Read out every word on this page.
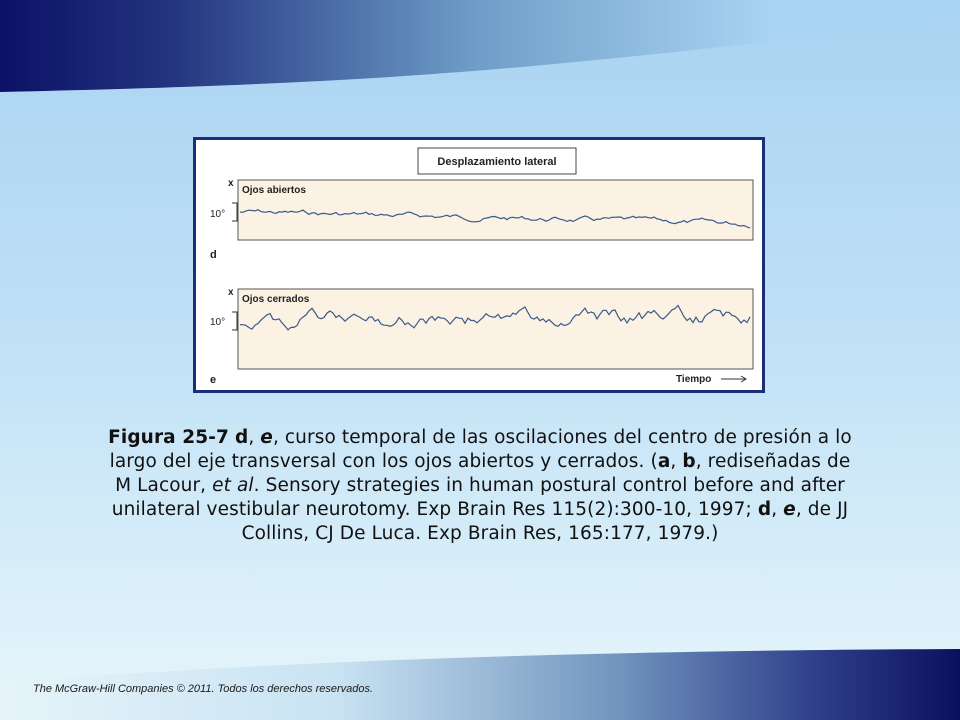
Desplazamiento lateral
x
Ojos abiertos
10°
d
x
Ojos cerrados
10°
e	Tiempo
Figura 25-7 d, e, curso temporal de las oscilaciones del centro de presión a lo largo del eje transversal con los ojos abiertos y cerrados. (a, b, rediseñadas de M Lacour, et al. Sensory strategies in human postural control before and after unilateral vestibular neurotomy. Exp Brain Res 115(2):300-10, 1997; d, e, de JJ Collins, CJ De Luca. Exp Brain Res, 165:177, 1979.)
The McGraw-Hill Companies © 2011. Todos los derechos reservados.
